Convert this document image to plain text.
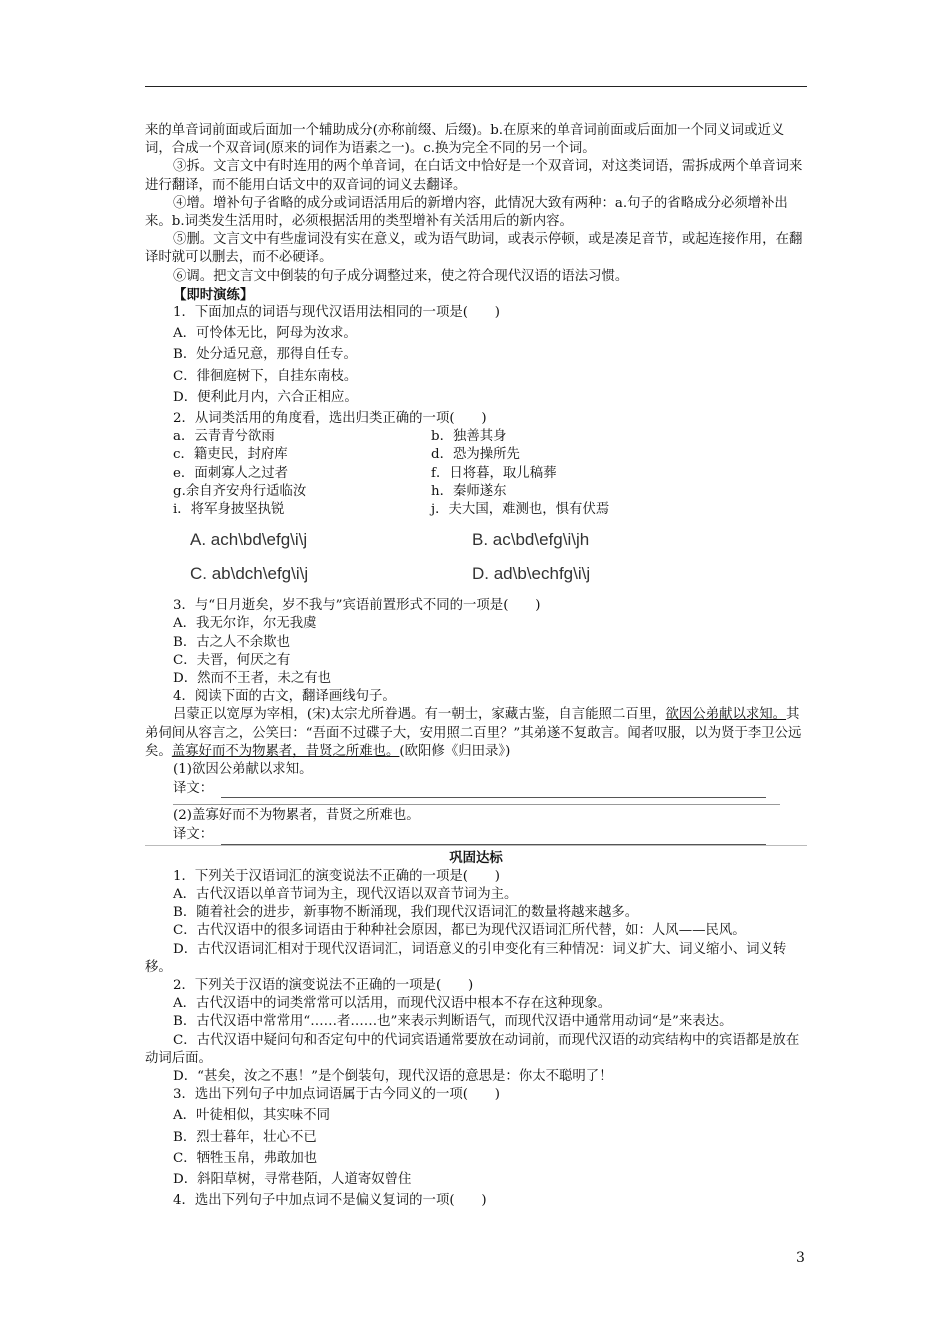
来的单音词前面或后面加一个辅助成分(亦称前缀、后缀)。b.在原来的单音词前面或后面加一个同义词或近义词，合成一个双音词(原来的词作为语素之一)。c.换为完全不同的另一个词。

③拆。文言文中有时连用的两个单音词，在白话文中恰好是一个双音词，对这类词语，需拆成两个单音词来进行翻译，而不能用白话文中的双音词的词义去翻译。

④增。增补句子省略的成分或词语活用后的新增内容，此情况大致有两种：a.句子的省略成分必须增补出来。b.词类发生活用时，必须根据活用的类型增补有关活用后的新内容。

⑤删。文言文中有些虚词没有实在意义，或为语气助词，或表示停顿，或是凑足音节，或起连接作用，在翻译时就可以删去，而不必硬译。

⑥调。把文言文中倒装的句子成分调整过来，使之符合现代汉语的语法习惯。

【即时演练】

1．下面加点的词语与现代汉语用法相同的一项是(　　)

A．可怜体无比，阿母为汝求。

B．处分适兄意，那得自任专。

C．徘徊庭树下，自挂东南枝。

D．便利此月内，六合正相应。

2．从词类活用的角度看，选出归类正确的一项(　　)

a．云青青兮欲雨	b．独善其身
c．籍吏民，封府库	d．恐为操所先
e．面刺寡人之过者	f．日将暮，取儿稿葬
g.余自齐安舟行适临汝	h．秦师遂东
i．将军身披坚执锐	j．夫大国，难测也，惧有伏焉
A. ach\bd\efg\i\j	B. ac\bd\efg\i\jh
C. ab\dch\efg\i\j	D. ad\b\echfg\i\j

3．与“日月逝矣，岁不我与”宾语前置形式不同的一项是(　　)

A．我无尔诈，尔无我虞

B．古之人不余欺也

C．夫晋，何厌之有

D．然而不王者，未之有也

4．阅读下面的古文，翻译画线句子。

吕蒙正以宽厚为宰相，(宋)太宗尤所眷遇。有一朝士，家藏古鉴，自言能照二百里，欲因公弟献以求知。其弟伺间从容言之，公笑曰：“吾面不过碟子大，安用照二百里？”其弟遂不复敢言。闻者叹服，以为贤于李卫公远矣。盖寡好而不为物累者，昔贤之所难也。(欧阳修《归田录》)

(1)欲因公弟献以求知。

译文：

(2)盖寡好而不为物累者，昔贤之所难也。

译文：

巩固达标

1．下列关于汉语词汇的演变说法不正确的一项是(　　)

A．古代汉语以单音节词为主，现代汉语以双音节词为主。

B．随着社会的进步，新事物不断涌现，我们现代汉语词汇的数量将越来越多。

C．古代汉语中的很多词语由于种种社会原因，都已为现代汉语词汇所代替，如：人风——民风。

D．古代汉语词汇相对于现代汉语词汇，词语意义的引申变化有三种情况：词义扩大、词义缩小、词义转移。

2．下列关于汉语的演变说法不正确的一项是(　　)

A．古代汉语中的词类常常可以活用，而现代汉语中根本不存在这种现象。

B．古代汉语中常常用“……者……也”来表示判断语气，而现代汉语中通常用动词“是”来表达。

C．古代汉语中疑问句和否定句中的代词宾语通常要放在动词前，而现代汉语的动宾结构中的宾语都是放在动词后面。

D．“甚矣，汝之不惠！”是个倒装句，现代汉语的意思是：你太不聪明了！

3．选出下列句子中加点词语属于古今同义的一项(　　)

A．叶徒相似，其实味不同

B．烈士暮年，壮心不已

C．牺牲玉帛，弗敢加也

D．斜阳草树，寻常巷陌，人道寄奴曾住

4．选出下列句子中加点词不是偏义复词的一项(　　)

3
